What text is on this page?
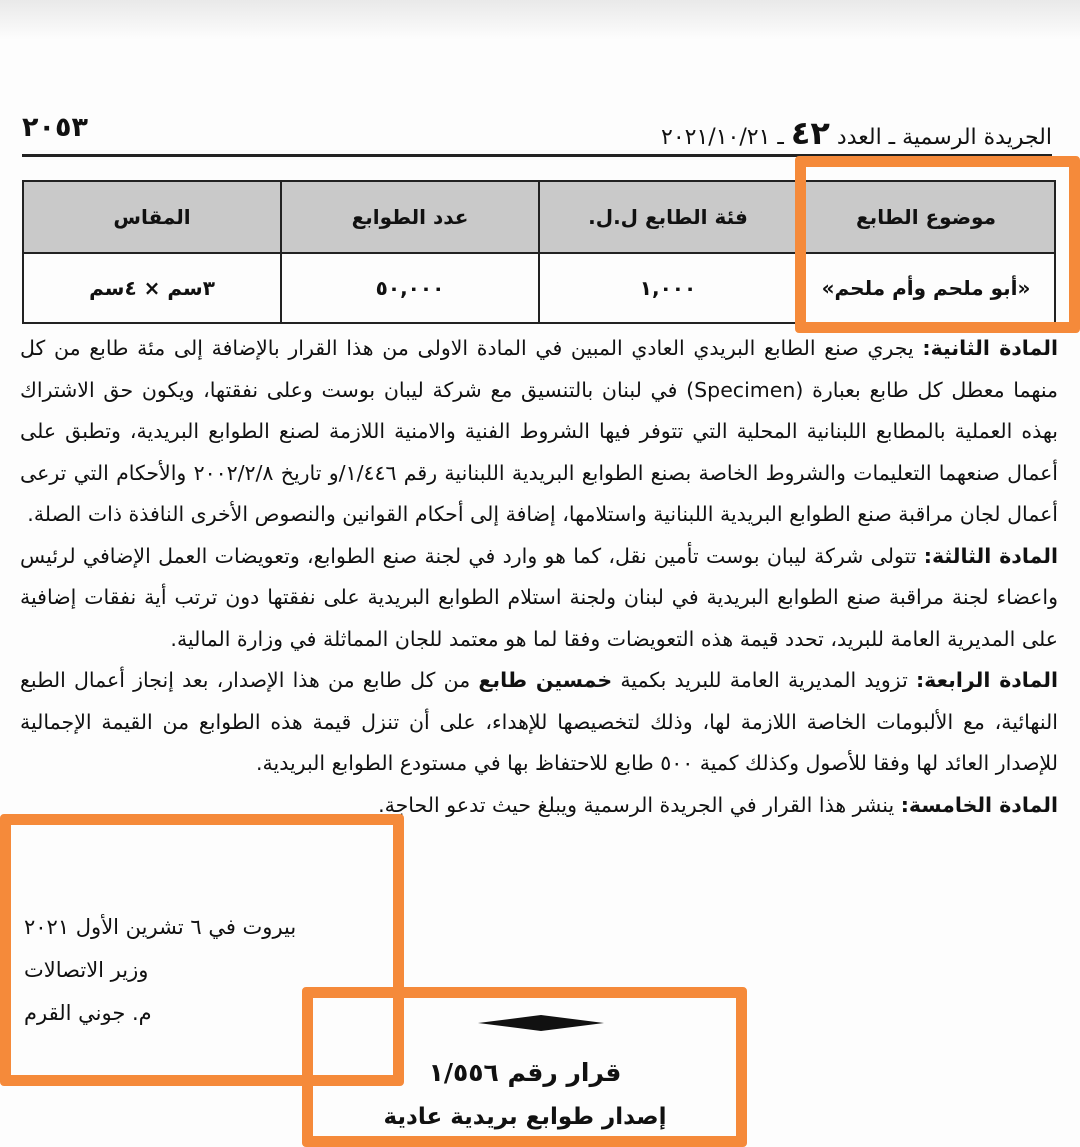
٢٠٥٣	الجريدة الرسمية ـ العدد ٤٢ ـ ٢٠٢١/١٠/٢١
موضوع الطابع	فئة الطابع ل.ل.	عدد الطوابع	المقاس
«أبو ملحم وأم ملحم»	١,٠٠٠	٥٠,٠٠٠	٣سم × ٤سم

المادة الثانية: يجري صنع الطابع البريدي العادي المبين في المادة الاولى من هذا القرار بالإضافة إلى مئة طابع من كل منهما معطل كل طابع بعبارة (Specimen) في لبنان بالتنسيق مع شركة ليبان بوست وعلى نفقتها، ويكون حق الاشتراك بهذه العملية بالمطابع اللبنانية المحلية التي تتوفر فيها الشروط الفنية والامنية اللازمة لصنع الطوابع البريدية، وتطبق على أعمال صنعهما التعليمات والشروط الخاصة بصنع الطوابع البريدية اللبنانية رقم ١/٤٤٦/و تاريخ ٢٠٠٢/٢/٨ والأحكام التي ترعى أعمال لجان مراقبة صنع الطوابع البريدية اللبنانية واستلامها، إضافة إلى أحكام القوانين والنصوص الأخرى النافذة ذات الصلة.

المادة الثالثة: تتولى شركة ليبان بوست تأمين نقل، كما هو وارد في لجنة صنع الطوابع، وتعويضات العمل الإضافي لرئيس واعضاء لجنة مراقبة صنع الطوابع البريدية في لبنان ولجنة استلام الطوابع البريدية على نفقتها دون ترتب أية نفقات إضافية على المديرية العامة للبريد، تحدد قيمة هذه التعويضات وفقا لما هو معتمد للجان المماثلة في وزارة المالية.

المادة الرابعة: تزويد المديرية العامة للبريد بكمية خمسين طابع من كل طابع من هذا الإصدار، بعد إنجاز أعمال الطبع النهائية، مع الألبومات الخاصة اللازمة لها، وذلك لتخصيصها للإهداء، على أن تنزل قيمة هذه الطوابع من القيمة الإجمالية للإصدار العائد لها وفقا للأصول وكذلك كمية ٥٠٠ طابع للاحتفاظ بها في مستودع الطوابع البريدية.

المادة الخامسة: ينشر هذا القرار في الجريدة الرسمية ويبلغ حيث تدعو الحاجة.

بيروت في ٦ تشرين الأول ٢٠٢١
وزير الاتصالات
م. جوني القرم
قرار رقم ١/٥٥٦
إصدار طوابع بريدية عادية
